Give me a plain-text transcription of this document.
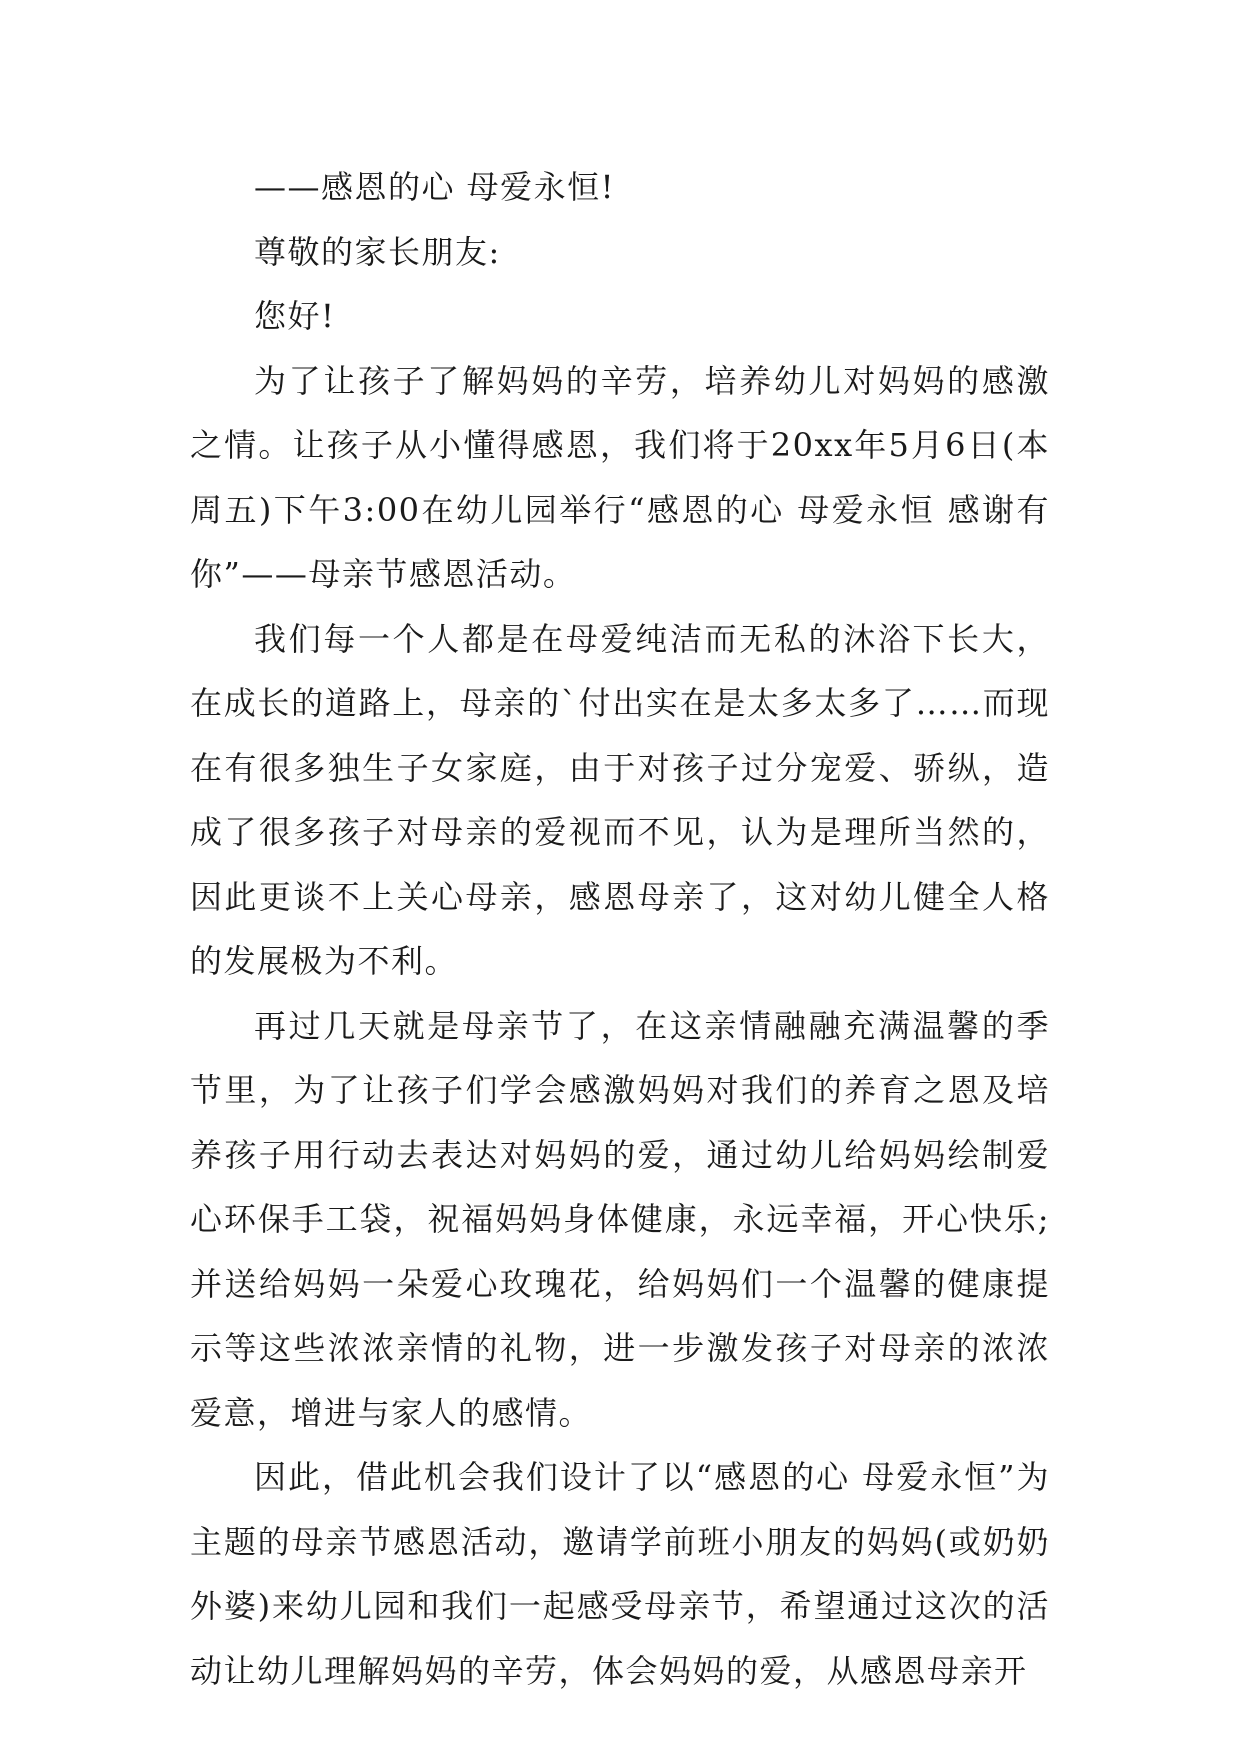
——感恩的心 母爱永恒!

尊敬的家长朋友:

您好!

为了让孩子了解妈妈的辛劳，培养幼儿对妈妈的感激之情。让孩子从小懂得感恩，我们将于20xx年5月6日(本周五)下午3:00在幼儿园举行“感恩的心 母爱永恒 感谢有你”——母亲节感恩活动。

我们每一个人都是在母爱纯洁而无私的沐浴下长大，在成长的道路上，母亲的`付出实在是太多太多了……而现在有很多独生子女家庭，由于对孩子过分宠爱、骄纵，造成了很多孩子对母亲的爱视而不见，认为是理所当然的，因此更谈不上关心母亲，感恩母亲了，这对幼儿健全人格的发展极为不利。

再过几天就是母亲节了，在这亲情融融充满温馨的季节里，为了让孩子们学会感激妈妈对我们的养育之恩及培养孩子用行动去表达对妈妈的爱，通过幼儿给妈妈绘制爱心环保手工袋，祝福妈妈身体健康，永远幸福，开心快乐;并送给妈妈一朵爱心玫瑰花，给妈妈们一个温馨的健康提示等这些浓浓亲情的礼物，进一步激发孩子对母亲的浓浓爱意，增进与家人的感情。

因此，借此机会我们设计了以“感恩的心 母爱永恒”为主题的母亲节感恩活动，邀请学前班小朋友的妈妈(或奶奶外婆)来幼儿园和我们一起感受母亲节，希望通过这次的活动让幼儿理解妈妈的辛劳，体会妈妈的爱，从感恩母亲开
